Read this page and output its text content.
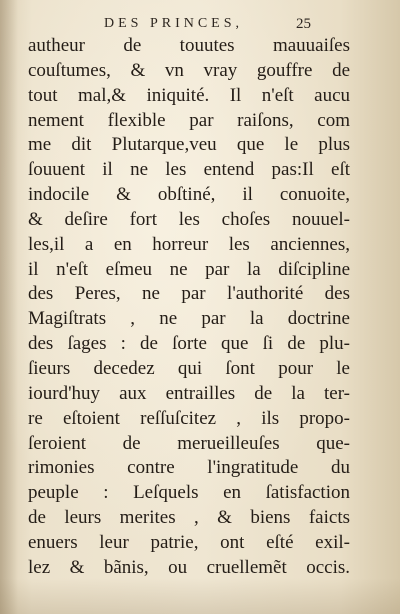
DES PRINCES,	25
autheur de touutes mauuaiſes
couſtumes, & vn vray gouffre de
tout mal,& iniquité. Il n'eſt aucu
nement flexible par raiſons, com
me dit Plutarque,veu que le plus
ſouuent il ne les entend pas:Il eſt
indocile & obſtiné, il conuoite,
& deſire fort les choſes nouuel-
les,il a en horreur les anciennes,
il n'eſt eſmeu ne par la diſcipline
des Peres, ne par l'authorité des
Magiſtrats , ne par la doctrine
des ſages : de ſorte que ſi de plu-
ſieurs decedez qui ſont pour le
iourd'huy aux entrailles de la ter-
re eſtoient reſſuſcitez , ils propo-
ſeroient de merueilleuſes que-
rimonies contre l'ingratitude du
peuple : Leſquels en ſatisfaction
de leurs merites , & biens faicts
enuers leur patrie, ont eſté exil-
lez & bãnis, ou cruellemẽt occis.
